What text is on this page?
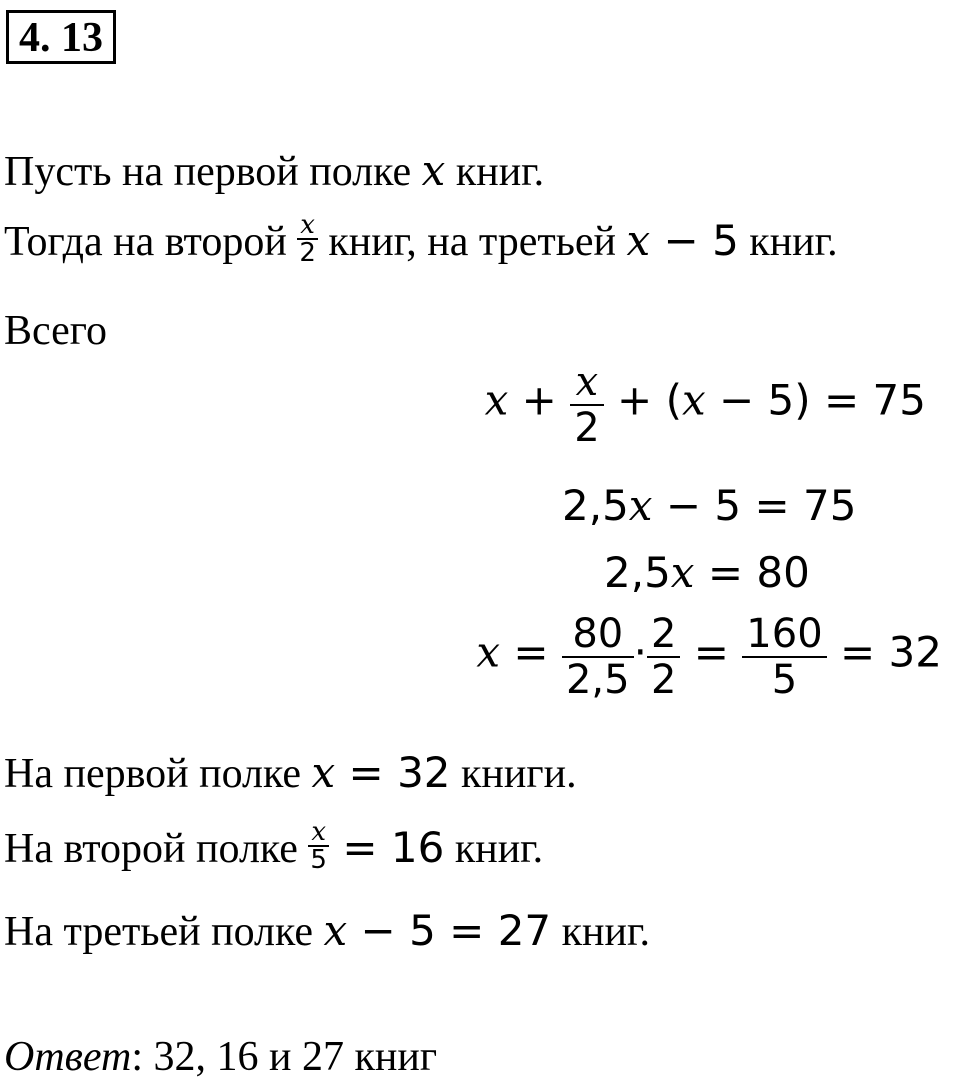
4. 13
Пусть на первой полке x книг.
Тогда на второй $\frac{x}{2}$ книг, на третьей x − 5 книг.
Всего
$x + \frac{x}{2} + (x - 5) = 75$
2,5x − 5 = 75
2,5x = 80
$x = \frac{80}{2,5} \cdot \frac{2}{2} = \frac{160}{5} = 32$
На первой полке x = 32 книги.
На второй полке $\frac{x}{5} = 16$ книг.
На третьей полке x − 5 = 27 книг.
Ответ: 32, 16 и 27 книг
